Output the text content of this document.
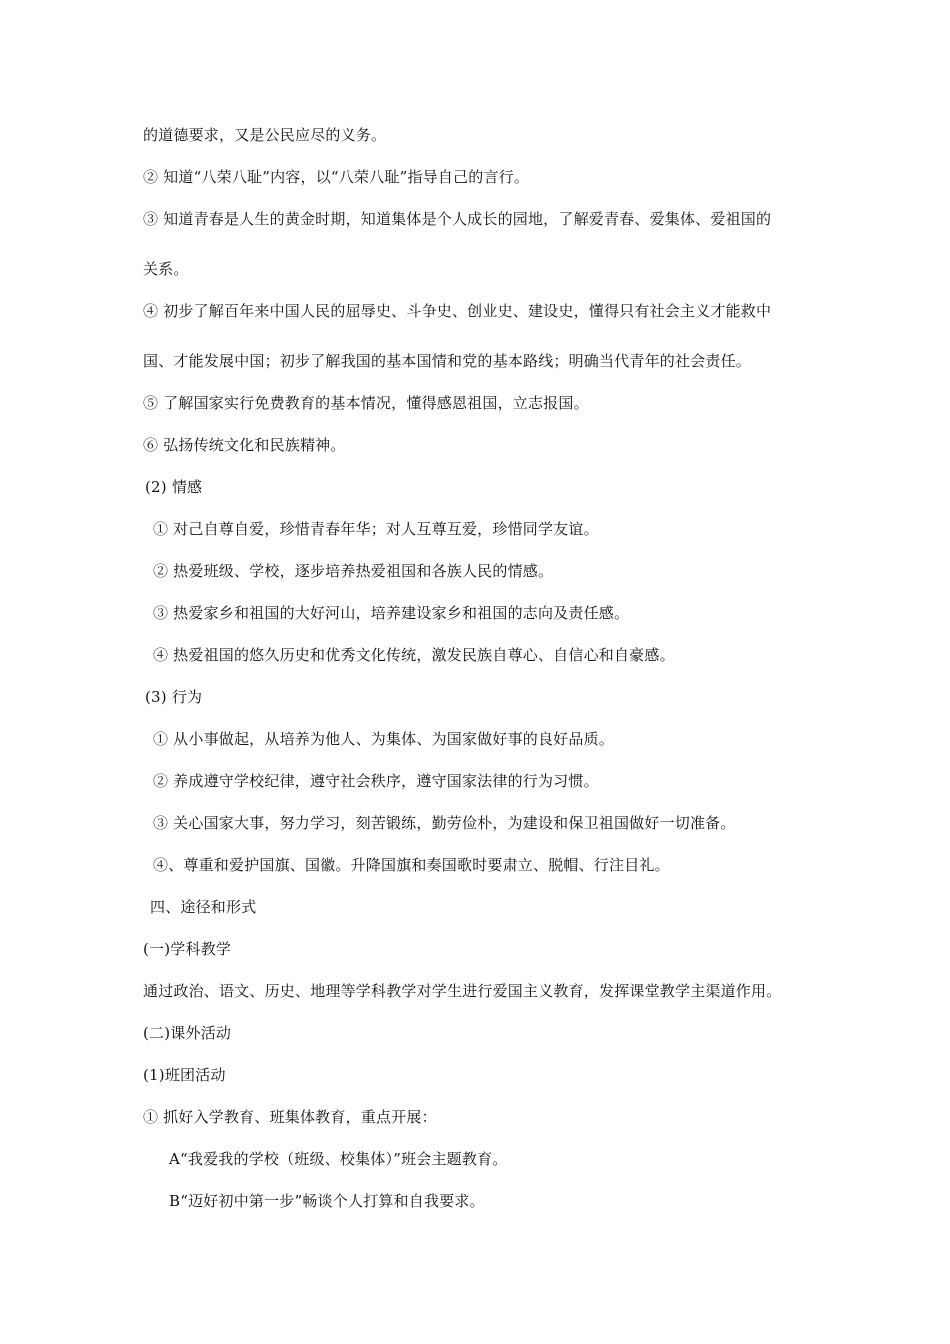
的道德要求，又是公民应尽的义务。
② 知道“八荣八耻”内容，以“八荣八耻”指导自己的言行。
③ 知道青春是人生的黄金时期，知道集体是个人成长的园地，了解爱青春、爱集体、爱祖国的
关系。
④ 初步了解百年来中国人民的屈辱史、斗争史、创业史、建设史，懂得只有社会主义才能救中
国、才能发展中国；初步了解我国的基本国情和党的基本路线；明确当代青年的社会责任。
⑤ 了解国家实行免费教育的基本情况，懂得感恩祖国，立志报国。
⑥ 弘扬传统文化和民族精神。
(2) 情感
① 对己自尊自爱，珍惜青春年华；对人互尊互爱，珍惜同学友谊。
② 热爱班级、学校，逐步培养热爱祖国和各族人民的情感。
③ 热爱家乡和祖国的大好河山，培养建设家乡和祖国的志向及责任感。
④ 热爱祖国的悠久历史和优秀文化传统，激发民族自尊心、自信心和自豪感。
(3) 行为
① 从小事做起，从培养为他人、为集体、为国家做好事的良好品质。
② 养成遵守学校纪律，遵守社会秩序，遵守国家法律的行为习惯。
③ 关心国家大事，努力学习，刻苦锻练，勤劳俭朴，为建设和保卫祖国做好一切准备。
④、尊重和爱护国旗、国徽。升降国旗和奏国歌时要肃立、脱帽、行注目礼。
四、途径和形式
(一)学科教学
通过政治、语文、历史、地理等学科教学对学生进行爱国主义教育，发挥课堂教学主渠道作用。
(二)课外活动
(1)班团活动
① 抓好入学教育、班集体教育，重点开展：
A“我爱我的学校（班级、校集体）”班会主题教育。
B“迈好初中第一步”畅谈个人打算和自我要求。
